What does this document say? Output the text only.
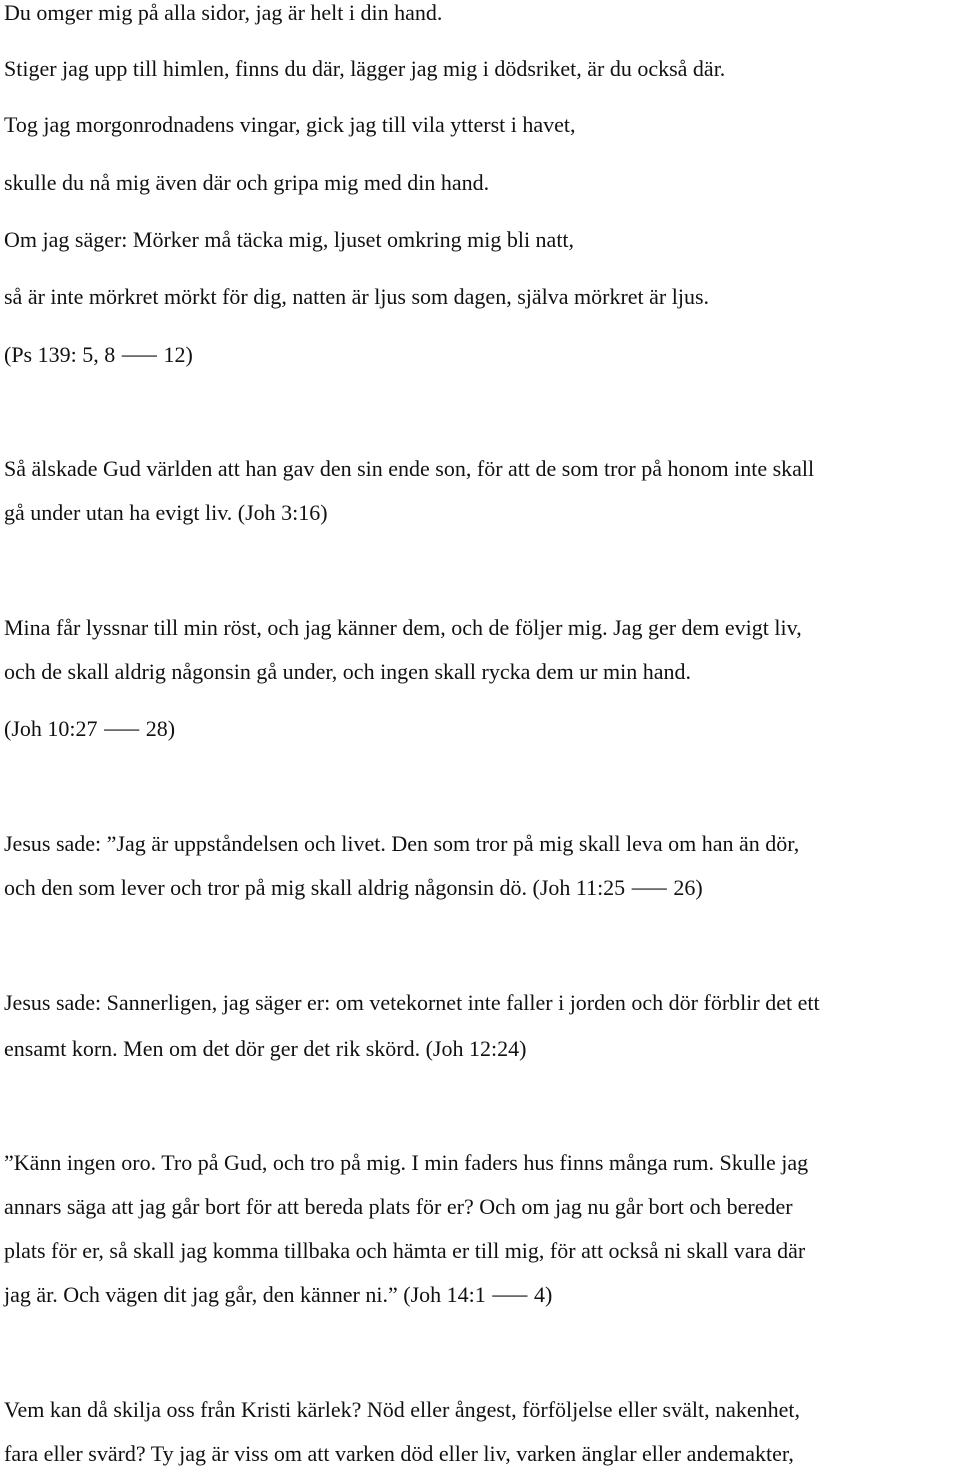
Du omger mig på alla sidor, jag är helt i din hand.

Stiger jag upp till himlen, finns du där, lägger jag mig i dödsriket, är du också där.

Tog jag morgonrodnadens vingar, gick jag till vila ytterst i havet,

skulle du nå mig även där och gripa mig med din hand.

Om jag säger: Mörker må täcka mig, ljuset omkring mig bli natt,

så är inte mörkret mörkt för dig, natten är ljus som dagen, själva mörkret är ljus.

(Ps 139: 5, 8 ⸺ 12)

Så älskade Gud världen att han gav den sin ende son, för att de som tror på honom inte skall

gå under utan ha evigt liv. (Joh 3:16)

Mina får lyssnar till min röst, och jag känner dem, och de följer mig. Jag ger dem evigt liv,

och de skall aldrig någonsin gå under, och ingen skall rycka dem ur min hand.

(Joh 10:27 ⸺ 28)

Jesus sade: ”Jag är uppståndelsen och livet. Den som tror på mig skall leva om han än dör,

och den som lever och tror på mig skall aldrig någonsin dö. (Joh 11:25 ⸺ 26)

Jesus sade: Sannerligen, jag säger er: om vetekornet inte faller i jorden och dör förblir det ett

ensamt korn. Men om det dör ger det rik skörd. (Joh 12:24)

”Känn ingen oro. Tro på Gud, och tro på mig. I min faders hus finns många rum. Skulle jag

annars säga att jag går bort för att bereda plats för er? Och om jag nu går bort och bereder

plats för er, så skall jag komma tillbaka och hämta er till mig, för att också ni skall vara där

jag är. Och vägen dit jag går, den känner ni.” (Joh 14:1 ⸺ 4)

Vem kan då skilja oss från Kristi kärlek? Nöd eller ångest, förföljelse eller svält, nakenhet,

fara eller svärd? Ty jag är viss om att varken död eller liv, varken änglar eller andemakter,
